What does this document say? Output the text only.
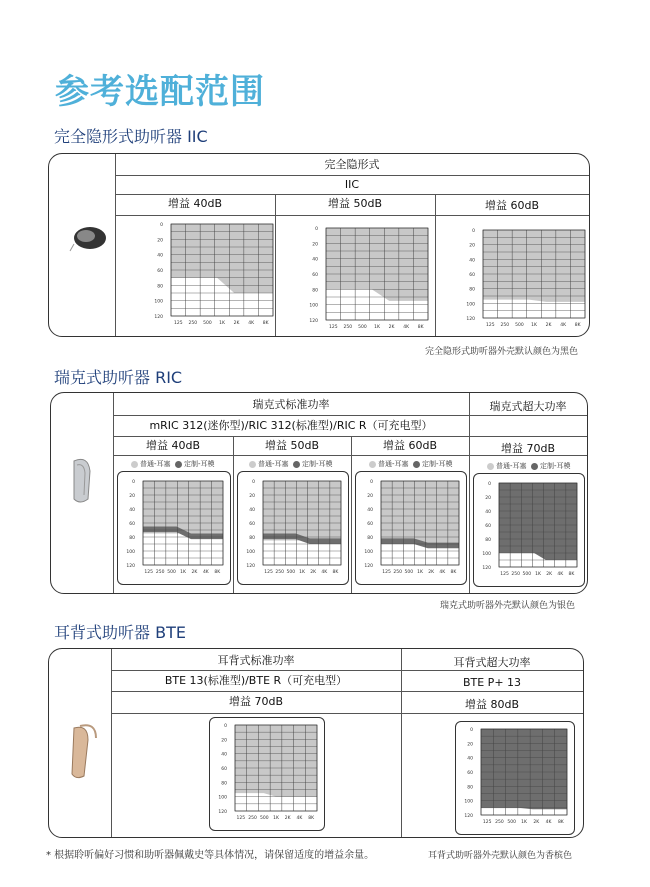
参考选配范围
完全隐形式助听器 IIC
完全隐形式
IIC
增益 40dB	增益 50dB	增益 60dB
0
20
40
60
80
100
120
125 250 500 1K 2K 4K 8K
0
20
40
60
80
100
120
125 250 500 1K 2K 4K 8K
0
20
40
60
80
100
120
125 250 500 1K 2K 4K 8K
完全隐形式助听器外壳默认颜色为黑色
瑞克式助听器 RIC
瑞克式标准功率	瑞克式超大功率
mRIC 312(迷你型)/RIC 312(标准型)/RIC R（可充电型）
增益 40dB	增益 50dB	增益 60dB	增益 70dB
普通-耳塞 定制-耳模	普通-耳塞 定制-耳模	普通-耳塞 定制-耳模	普通-耳塞 定制-耳模
0
20
40
60
80
100
120
125 250 500 1K 2K 4K 8K
0
20
40
60
80
100
120
125 250 500 1K 2K 4K 8K
0
20
40
60
80
100
120
125 250 500 1K 2K 4K 8K
0
20
40
60
80
100
120
125 250 500 1K 2K 4K 8K
瑞克式助听器外壳默认颜色为银色
耳背式助听器 BTE
耳背式标准功率	耳背式超大功率
BTE 13(标准型)/BTE R（可充电型）	BTE P+ 13
增益 70dB	增益 80dB
0
20
40
60
80
100
120
125 250 500 1K 2K 4K 8K
0
20
40
60
80
100
120
125 250 500 1K 2K 4K 8K
* 根据聆听偏好习惯和助听器佩戴史等具体情况，请保留适度的增益余量。	耳背式助听器外壳默认颜色为香槟色
